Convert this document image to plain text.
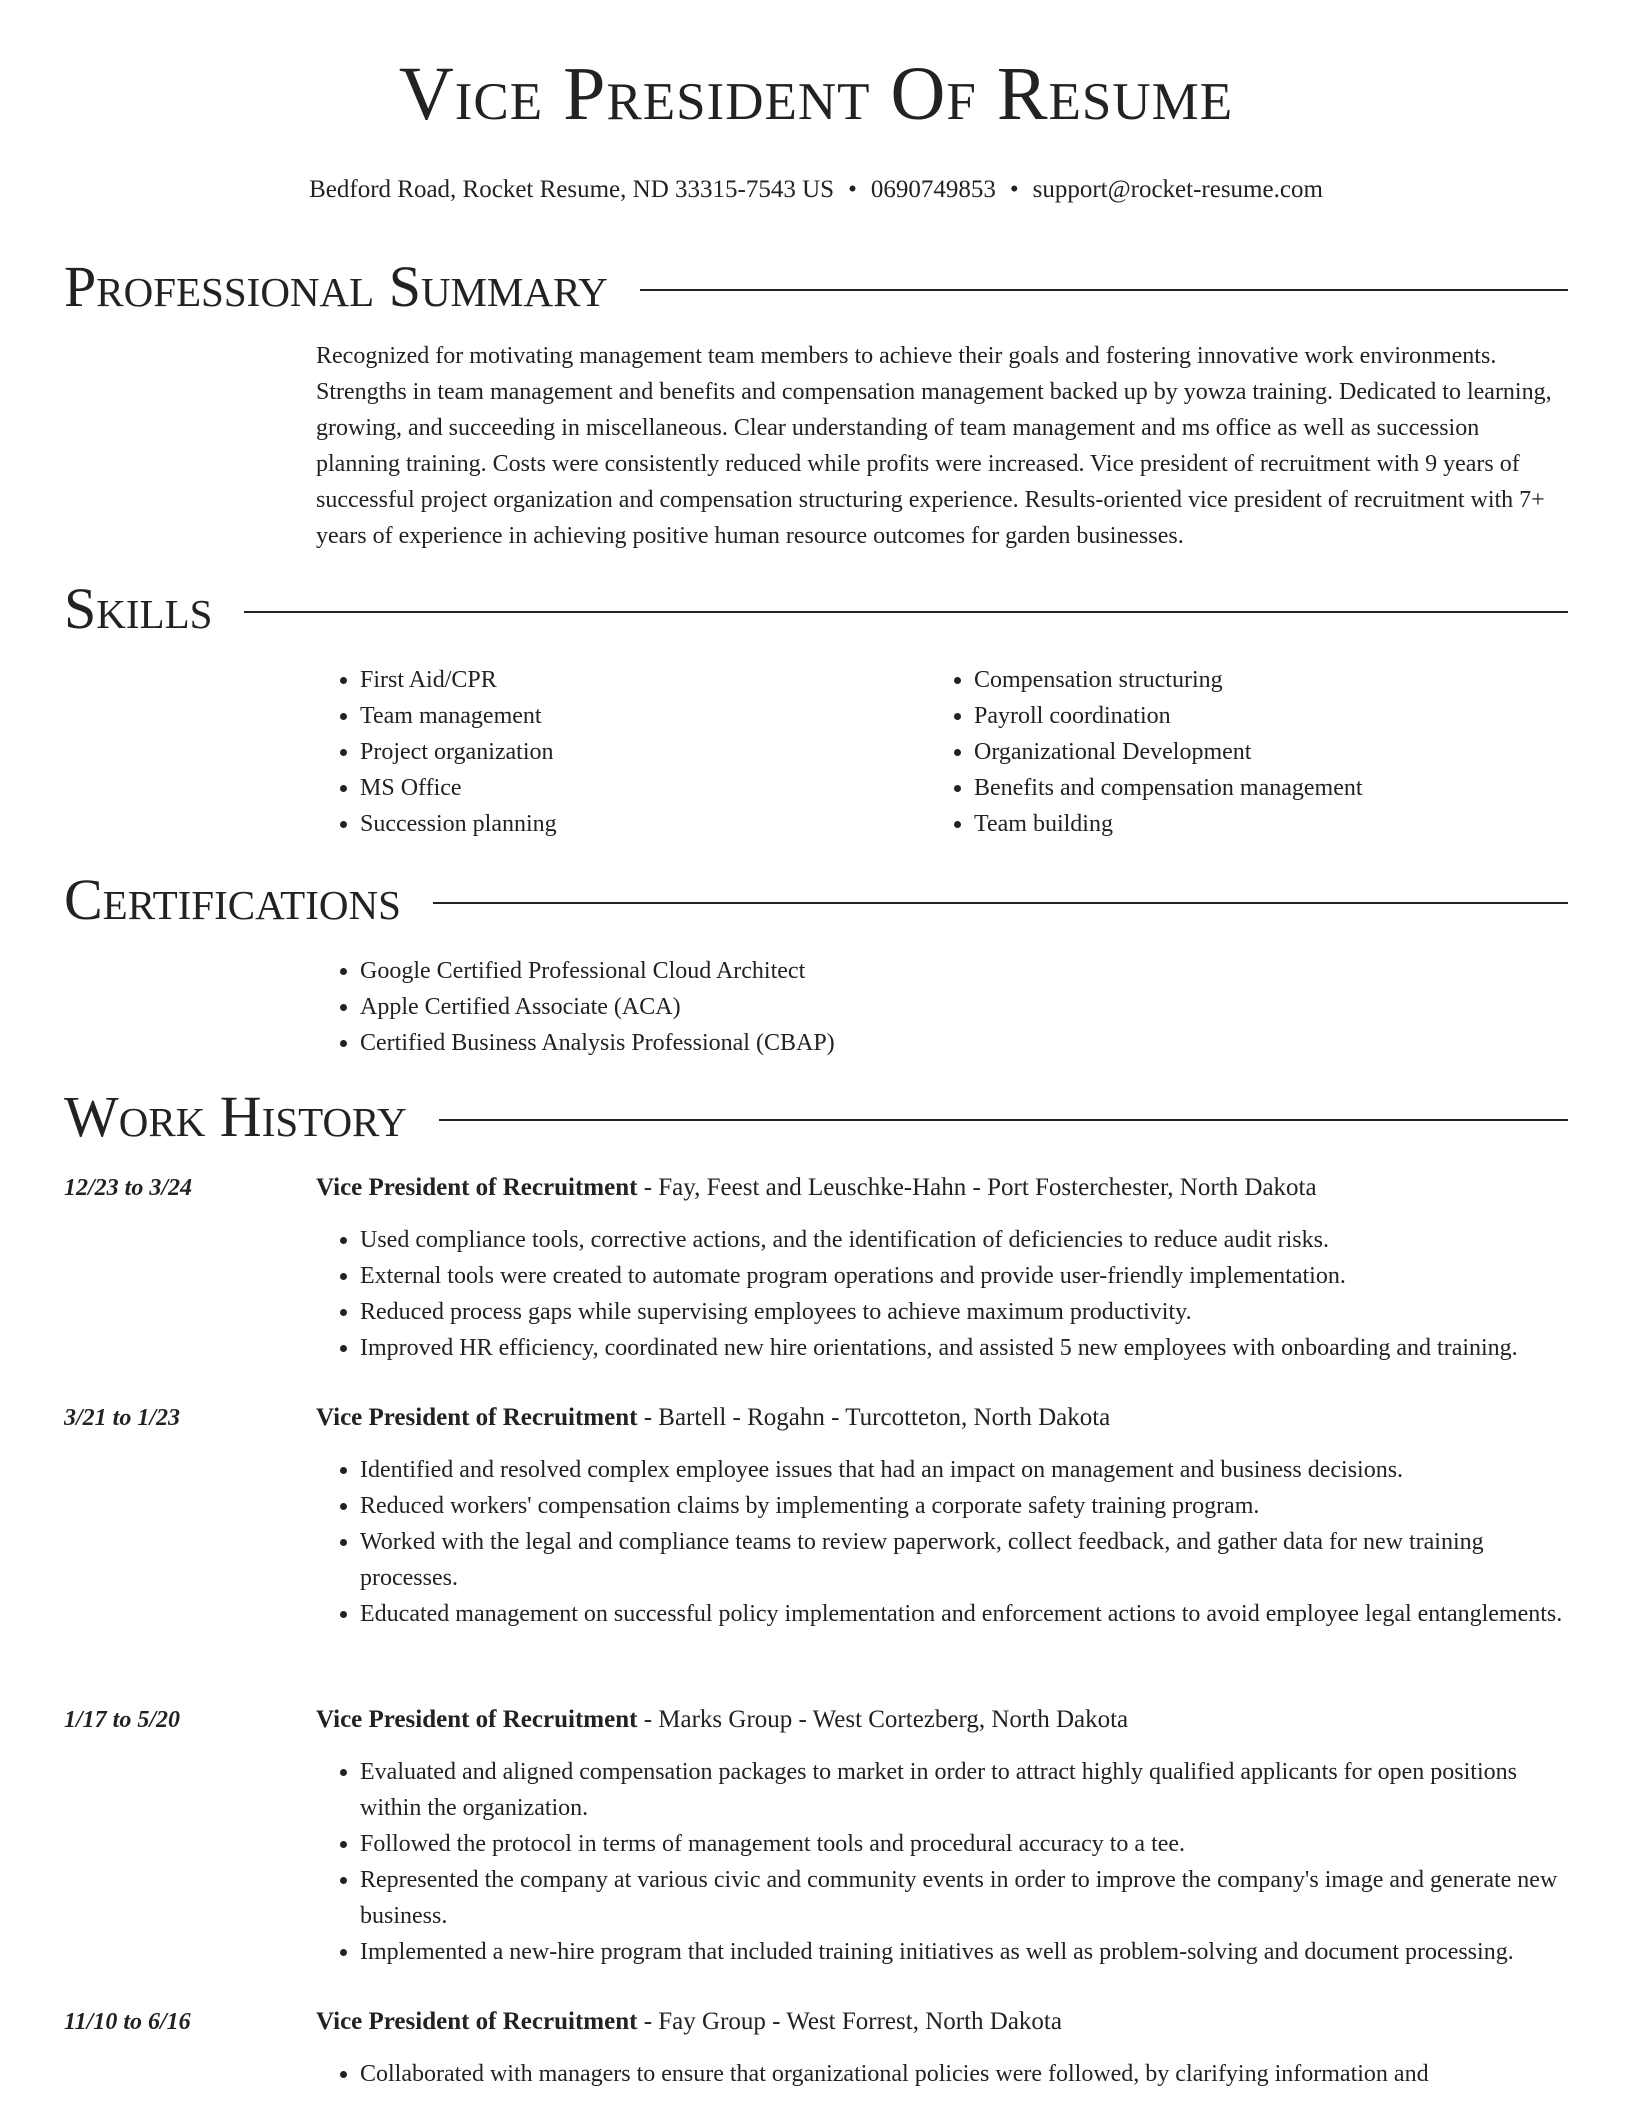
Vice President Of Resume
Bedford Road, Rocket Resume, ND 33315-7543 US • 0690749853 • support@rocket-resume.com
Professional Summary

Recognized for motivating management team members to achieve their goals and fostering innovative work environments. Strengths in team management and benefits and compensation management backed up by yowza training. Dedicated to learning, growing, and succeeding in miscellaneous. Clear understanding of team management and ms office as well as succession planning training. Costs were consistently reduced while profits were increased. Vice president of recruitment with 9 years of successful project organization and compensation structuring experience. Results-oriented vice president of recruitment with 7+ years of experience in achieving positive human resource outcomes for garden businesses.

Skills
• First Aid/CPR
• Team management
• Project organization
• MS Office
• Succession planning
• Compensation structuring
• Payroll coordination
• Organizational Development
• Benefits and compensation management
• Team building
Certifications
• Google Certified Professional Cloud Architect
• Apple Certified Associate (ACA)
• Certified Business Analysis Professional (CBAP)
Work History
12/23 to 3/24	Vice President of Recruitment - Fay, Feest and Leuschke-Hahn - Port Fosterchester, North Dakota
• Used compliance tools, corrective actions, and the identification of deficiencies to reduce audit risks.
• External tools were created to automate program operations and provide user-friendly implementation.
• Reduced process gaps while supervising employees to achieve maximum productivity.
• Improved HR efficiency, coordinated new hire orientations, and assisted 5 new employees with onboarding and training.
3/21 to 1/23	Vice President of Recruitment - Bartell - Rogahn - Turcotteton, North Dakota
• Identified and resolved complex employee issues that had an impact on management and business decisions.
• Reduced workers' compensation claims by implementing a corporate safety training program.
• Worked with the legal and compliance teams to review paperwork, collect feedback, and gather data for new training processes.
• Educated management on successful policy implementation and enforcement actions to avoid employee legal entanglements.
1/17 to 5/20	Vice President of Recruitment - Marks Group - West Cortezberg, North Dakota
• Evaluated and aligned compensation packages to market in order to attract highly qualified applicants for open positions within the organization.
• Followed the protocol in terms of management tools and procedural accuracy to a tee.
• Represented the company at various civic and community events in order to improve the company's image and generate new business.
• Implemented a new-hire program that included training initiatives as well as problem-solving and document processing.
11/10 to 6/16	Vice President of Recruitment - Fay Group - West Forrest, North Dakota
• Collaborated with managers to ensure that organizational policies were followed, by clarifying information and
